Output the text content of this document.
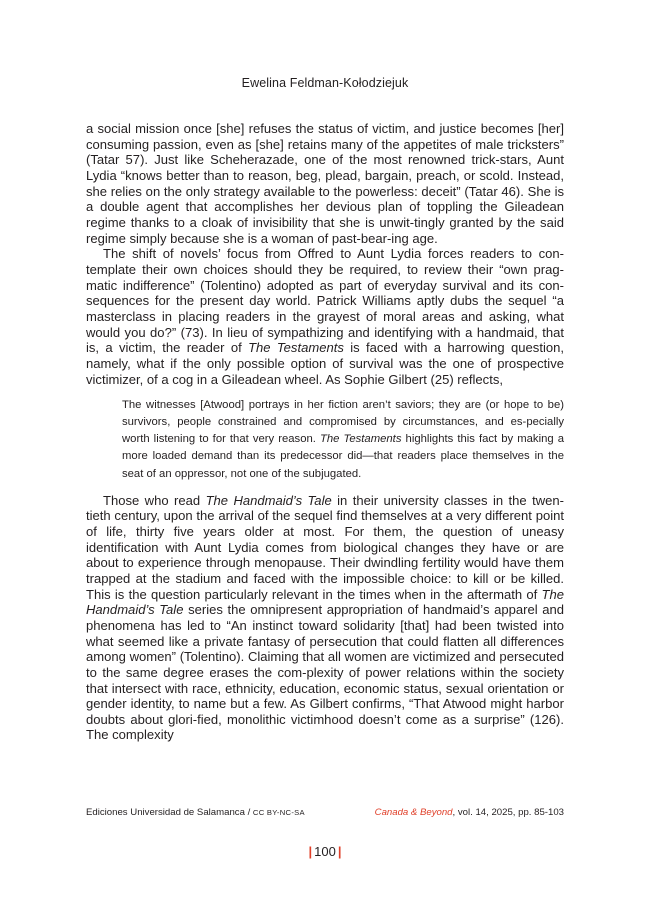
Ewelina Feldman-Kołodziejuk

a social mission once [she] refuses the status of victim, and justice becomes [her] consuming passion, even as [she] retains many of the appetites of male tricksters” (Tatar 57). Just like Scheherazade, one of the most renowned trick-stars, Aunt Lydia “knows better than to reason, beg, plead, bargain, preach, or scold. Instead, she relies on the only strategy available to the powerless: deceit” (Tatar 46). She is a double agent that accomplishes her devious plan of toppling the Gileadean regime thanks to a cloak of invisibility that she is unwit-tingly granted by the said regime simply because she is a woman of past-bear-ing age.

The shift of novels’ focus from Offred to Aunt Lydia forces readers to con-template their own choices should they be required, to review their “own prag-matic indifference” (Tolentino) adopted as part of everyday survival and its con-sequences for the present day world. Patrick Williams aptly dubs the sequel “a masterclass in placing readers in the grayest of moral areas and asking, what would you do?” (73). In lieu of sympathizing and identifying with a handmaid, that is, a victim, the reader of The Testaments is faced with a harrowing question, namely, what if the only possible option of survival was the one of prospective victimizer, of a cog in a Gileadean wheel. As Sophie Gilbert (25) reflects,

The witnesses [Atwood] portrays in her fiction aren’t saviors; they are (or hope to be) survivors, people constrained and compromised by circumstances, and es-pecially worth listening to for that very reason. The Testaments highlights this fact by making a more loaded demand than its predecessor did—that readers place themselves in the seat of an oppressor, not one of the subjugated.

Those who read The Handmaid’s Tale in their university classes in the twen-tieth century, upon the arrival of the sequel find themselves at a very different point of life, thirty five years older at most. For them, the question of uneasy identification with Aunt Lydia comes from biological changes they have or are about to experience through menopause. Their dwindling fertility would have them trapped at the stadium and faced with the impossible choice: to kill or be killed. This is the question particularly relevant in the times when in the aftermath of The Handmaid’s Tale series the omnipresent appropriation of handmaid’s apparel and phenomena has led to “An instinct toward solidarity [that] had been twisted into what seemed like a private fantasy of persecution that could flatten all differences among women” (Tolentino). Claiming that all women are victimized and persecuted to the same degree erases the com-plexity of power relations within the society that intersect with race, ethnicity, education, economic status, sexual orientation or gender identity, to name but a few. As Gilbert confirms, “That Atwood might harbor doubts about glori-fied, monolithic victimhood doesn’t come as a surprise” (126). The complexity

Ediciones Universidad de Salamanca / CC BY-NC-SA	Canada & Beyond, vol. 14, 2025, pp. 85-103
| 100 |
